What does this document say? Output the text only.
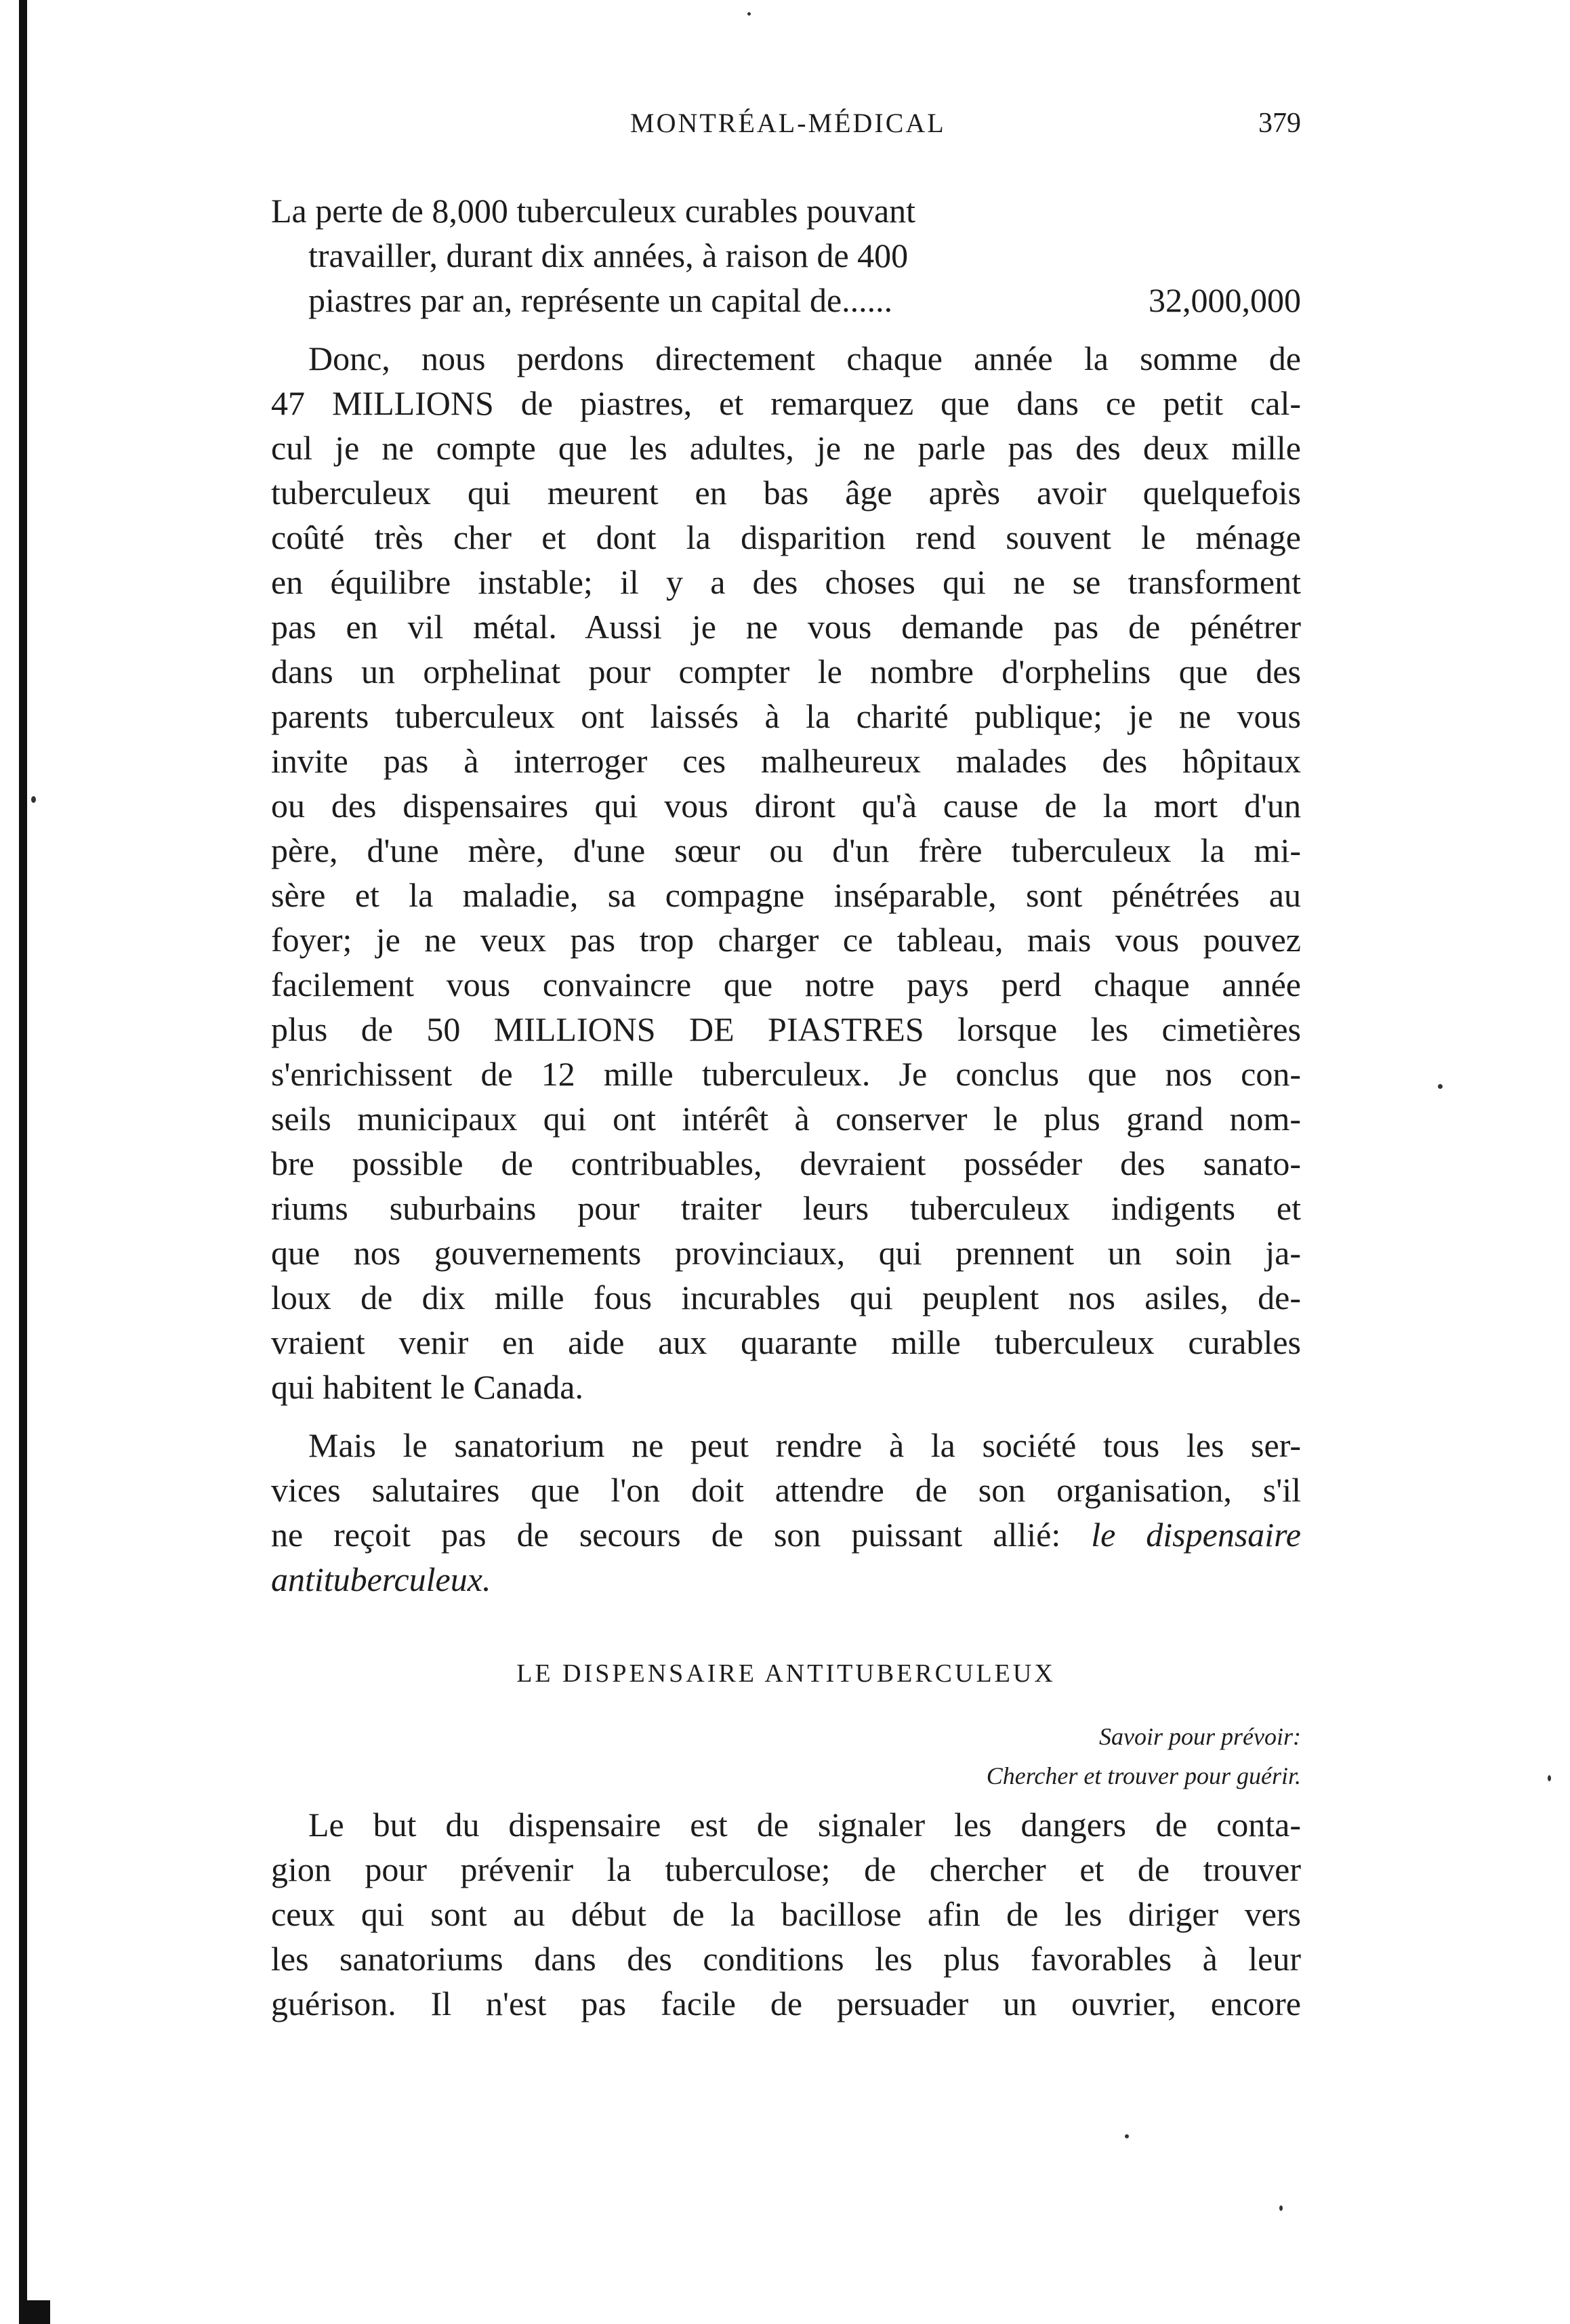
MONTRÉAL-MÉDICAL	379
La perte de 8,000 tuberculeux curables pouvant
travailler, durant dix années, à raison de 400
piastres par an, représente un capital de......	32,000,000
Donc, nous perdons directement chaque année la somme de
47 MILLIONS de piastres, et remarquez que dans ce petit cal-
cul je ne compte que les adultes, je ne parle pas des deux mille
tuberculeux qui meurent en bas âge après avoir quelquefois
coûté très cher et dont la disparition rend souvent le ménage
en équilibre instable; il y a des choses qui ne se transforment
pas en vil métal. Aussi je ne vous demande pas de pénétrer
dans un orphelinat pour compter le nombre d'orphelins que des
parents tuberculeux ont laissés à la charité publique; je ne vous
invite pas à interroger ces malheureux malades des hôpitaux
ou des dispensaires qui vous diront qu'à cause de la mort d'un
père, d'une mère, d'une sœur ou d'un frère tuberculeux la mi-
sère et la maladie, sa compagne inséparable, sont pénétrées au
foyer; je ne veux pas trop charger ce tableau, mais vous pouvez
facilement vous convaincre que notre pays perd chaque année
plus de 50 MILLIONS DE PIASTRES lorsque les cimetières
s'enrichissent de 12 mille tuberculeux. Je conclus que nos con-
seils municipaux qui ont intérêt à conserver le plus grand nom-
bre possible de contribuables, devraient posséder des sanato-
riums suburbains pour traiter leurs tuberculeux indigents et
que nos gouvernements provinciaux, qui prennent un soin ja-
loux de dix mille fous incurables qui peuplent nos asiles, de-
vraient venir en aide aux quarante mille tuberculeux curables
qui habitent le Canada.
Mais le sanatorium ne peut rendre à la société tous les ser-
vices salutaires que l'on doit attendre de son organisation, s'il
ne reçoit pas de secours de son puissant allié: le dispensaire
antituberculeux.
LE DISPENSAIRE ANTITUBERCULEUX
Savoir pour prévoir:
Chercher et trouver pour guérir.
Le but du dispensaire est de signaler les dangers de conta-
gion pour prévenir la tuberculose; de chercher et de trouver
ceux qui sont au début de la bacillose afin de les diriger vers
les sanatoriums dans des conditions les plus favorables à leur
guérison. Il n'est pas facile de persuader un ouvrier, encore
